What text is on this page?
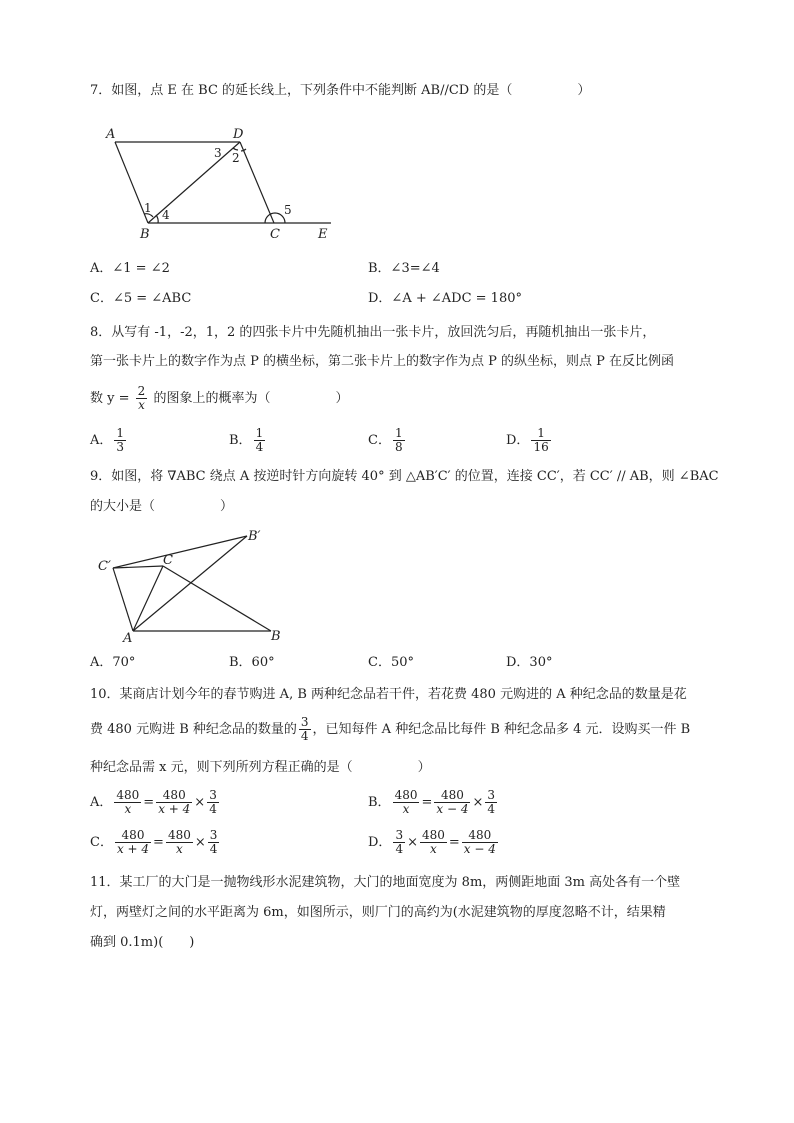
7．如图，点 E 在 BC 的延长线上，下列条件中不能判断 AB//CD 的是（　　　　　）
A	D
B	C	E
1 4
3 2
5
A．∠1 = ∠2	B．∠3=∠4
C．∠5 = ∠ABC	D．∠A + ∠ADC = 180°
8．从写有 -1，-2，1，2 的四张卡片中先随机抽出一张卡片，放回洗匀后，再随机抽出一张卡片，
第一张卡片上的数字作为点 P 的横坐标，第二张卡片上的数字作为点 P 的纵坐标，则点 P 在反比例函
数 $y = \frac{2}{x}$ 的图象上的概率为（　　　　　）
A． $\frac{1}{3}$	B． $\frac{1}{4}$	C． $\frac{1}{8}$	D． $\frac{1}{16}$
9．如图，将 ∇ABC 绕点 A 按逆时针方向旋转 40° 到 △AB′C′ 的位置，连接 CC′，若 CC′ // AB，则 ∠BAC
的大小是（　　　　　）
B′
C′	C
A	B
A．70°	B．60°	C．50°	D．30°
10．某商店计划今年的春节购进 A, B 两种纪念品若干件，若花费 480 元购进的 A 种纪念品的数量是花
费 480 元购进 B 种纪念品的数量的 $\frac{3}{4}$ ，已知每件 A 种纪念品比每件 B 种纪念品多 4 元．设购买一件 B
种纪念品需 x 元，则下列所列方程正确的是（　　　　　）
A． $\frac{480}{x} = \frac{480}{x + 4} \times \frac{3}{4}$	B． $\frac{480}{x} = \frac{480}{x - 4} \times \frac{3}{4}$
C． $\frac{480}{x + 4} = \frac{480}{x} \times \frac{3}{4}$	D． $\frac{3}{4} \times \frac{480}{x} = \frac{480}{x - 4}$
11．某工厂的大门是一抛物线形水泥建筑物，大门的地面宽度为 8m，两侧距地面 3m 高处各有一个壁
灯，两壁灯之间的水平距离为 6m，如图所示，则厂门的高约为(水泥建筑物的厚度忽略不计，结果精
确到 0.1m)(　　)
